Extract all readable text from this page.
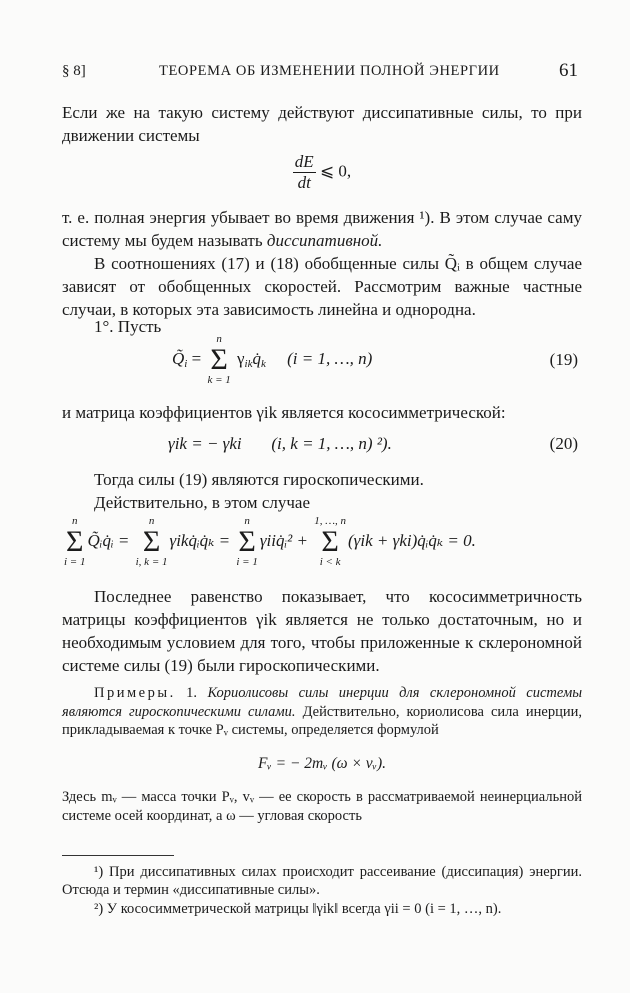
§ 8]	ТЕОРЕМА ОБ ИЗМЕНЕНИИ ПОЛНОЙ ЭНЕРГИИ	61
Если же на такую систему действуют диссипативные силы, то при движении системы
$\frac{dE}{dt}$ ⩽ 0,
т. е. полная энергия убывает во время движения ¹). В этом случае саму систему мы будем называть диссипативной.
В соотношениях (17) и (18) обобщенные силы Q̃ᵢ в общем случае зависят от обобщенных скоростей. Рассмотрим важные частные случаи, в которых эта зависимость линейна и однородна.
1°. Пусть
$Q̃_i$ =
n
Σ
k = 1
$\gamma_{ik}q̇_k$ (i = 1, …, n)	(19)
и матрица коэффициентов γik является кососимметрической:
γik = − γki (i, k = 1, …, n) ²).	(20)
Тогда силы (19) являются гироскопическими.
Действительно, в этом случае
n
Σ
i = 1
Q̃ᵢq̇ᵢ =
n
Σ
i, k = 1
γikq̇ᵢq̇ₖ =
n
Σ
i = 1
γiiq̇ᵢ² +
1, …, n
Σ
i < k
(γik + γki)q̇ᵢq̇ₖ = 0.
Последнее равенство показывает, что кососимметричность матрицы коэффициентов γik является не только достаточным, но и необходимым условием для того, чтобы приложенные к склерономной системе силы (19) были гироскопическими.
Примеры. 1. Кориолисовы силы инерции для склерономной системы являются гироскопическими силами. Действительно, кориолисова сила инерции, прикладываемая к точке Pᵥ системы, определяется формулой
Fᵥ = − 2mᵥ (ω × vᵥ).
Здесь mᵥ — масса точки Pᵥ, vᵥ — ее скорость в рассматриваемой неинерциальной системе осей координат, а ω — угловая скорость
¹) При диссипативных силах происходит рассеивание (диссипация) энергии. Отсюда и термин «диссипативные силы».
²) У кососимметрической матрицы ‖γik‖ всегда γii = 0 (i = 1, …, n).
